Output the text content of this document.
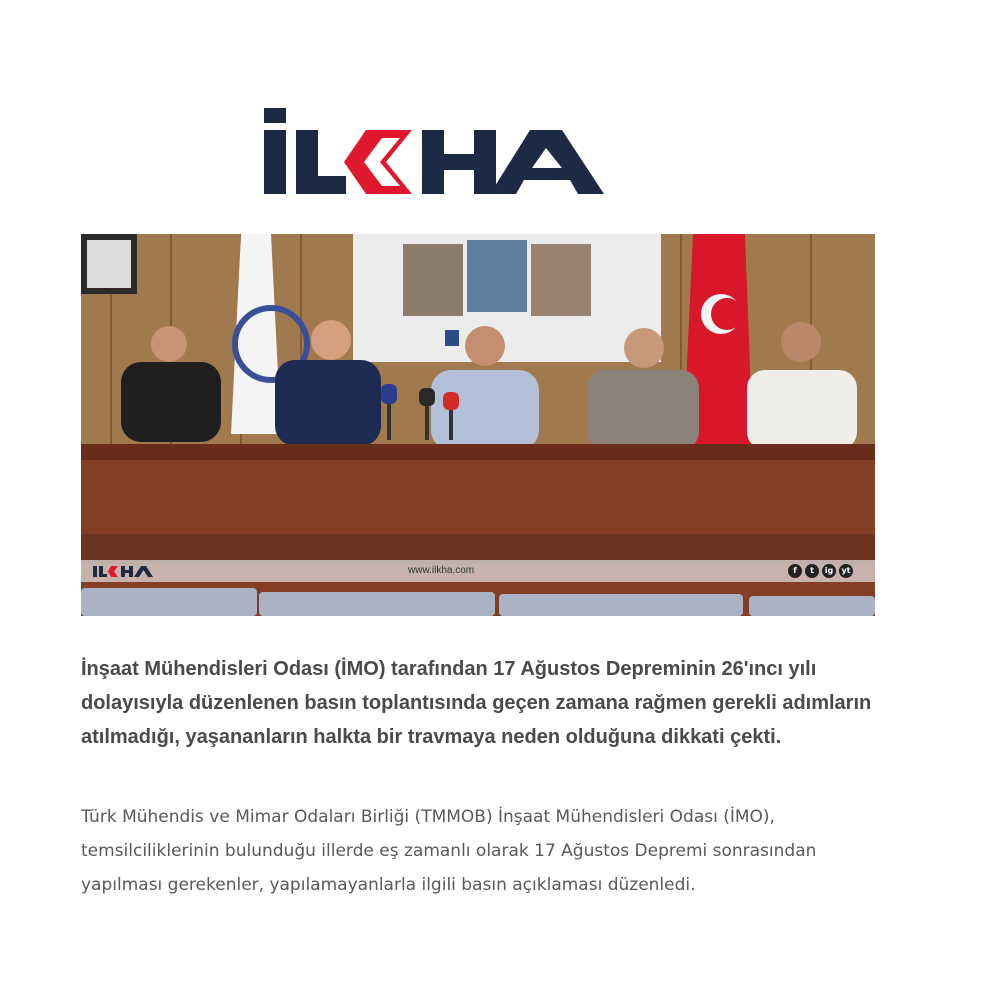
www.ilkha.com	f	t	ig	yt

İnşaat Mühendisleri Odası (İMO) tarafından 17 Ağustos Depreminin 26'ıncı yılı dolayısıyla düzenlenen basın toplantısında geçen zamana rağmen gerekli adımların atılmadığı, yaşananların halkta bir travmaya neden olduğuna dikkati çekti.

Türk Mühendis ve Mimar Odaları Birliği (TMMOB) İnşaat Mühendisleri Odası (İMO), temsilciliklerinin bulunduğu illerde eş zamanlı olarak 17 Ağustos Depremi sonrasından yapılması gerekenler, yapılamayanlarla ilgili basın açıklaması düzenledi.
